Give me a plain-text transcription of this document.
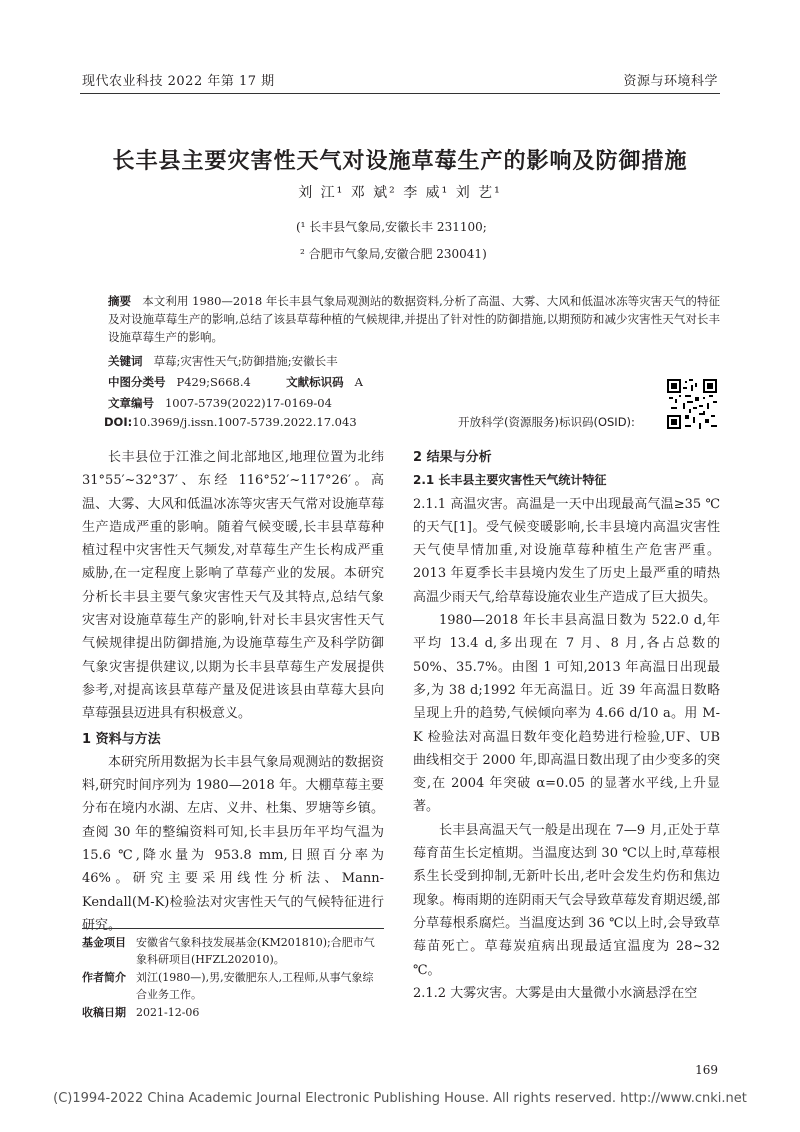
现代农业科技 2022 年第 17 期	资源与环境科学
长丰县主要灾害性天气对设施草莓生产的影响及防御措施
刘 江¹ 邓 斌² 李 威¹ 刘 艺¹
(¹ 长丰县气象局,安徽长丰 231100;
² 合肥市气象局,安徽合肥 230041)
摘要 本文利用 1980—2018 年长丰县气象局观测站的数据资料,分析了高温、大雾、大风和低温冰冻等灾害天气的特征及对设施草莓生产的影响,总结了该县草莓种植的气候规律,并提出了针对性的防御措施,以期预防和减少灾害性天气对长丰设施草莓生产的影响。
关键词 草莓;灾害性天气;防御措施;安徽长丰
中图分类号 P429;S668.4	文献标识码 A
文章编号 1007-5739(2022)17-0169-04
DOI:10.3969/j.issn.1007-5739.2022.17.043	开放科学(资源服务)标识码(OSID):

长丰县位于江淮之间北部地区,地理位置为北纬 31°55′~32°37′、东经 116°52′~117°26′。高温、大雾、大风和低温冰冻等灾害天气常对设施草莓生产造成严重的影响。随着气候变暖,长丰县草莓种植过程中灾害性天气频发,对草莓生产生长构成严重威胁,在一定程度上影响了草莓产业的发展。本研究分析长丰县主要气象灾害性天气及其特点,总结气象灾害对设施草莓生产的影响,针对长丰县灾害性天气气候规律提出防御措施,为设施草莓生产及科学防御气象灾害提供建议,以期为长丰县草莓生产发展提供参考,对提高该县草莓产量及促进该县由草莓大县向草莓强县迈进具有积极意义。

1 资料与方法

本研究所用数据为长丰县气象局观测站的数据资料,研究时间序列为 1980—2018 年。大棚草莓主要分布在境内水湖、左店、义井、杜集、罗塘等乡镇。查阅 30 年的整编资料可知,长丰县历年平均气温为 15.6 ℃,降水量为 953.8 mm,日照百分率为 46%。研究主要采用线性分析法、Mann-Kendall(M-K)检验法对灾害性天气的气候特征进行研究。

基金项目 安徽省气象科技发展基金(KM201810);合肥市气象科研项目(HFZL202010)。
作者简介 刘江(1980—),男,安徽肥东人,工程师,从事气象综合业务工作。
收稿日期 2021-12-06

2 结果与分析

2.1 长丰县主要灾害性天气统计特征

2.1.1 高温灾害。高温是一天中出现最高气温≥35 ℃的天气[1]。受气候变暖影响,长丰县境内高温灾害性天气使旱情加重,对设施草莓种植生产危害严重。2013 年夏季长丰县境内发生了历史上最严重的晴热高温少雨天气,给草莓设施农业生产造成了巨大损失。

1980—2018 年长丰县高温日数为 522.0 d,年平均 13.4 d,多出现在 7 月、8 月,各占总数的 50%、35.7%。由图 1 可知,2013 年高温日出现最多,为 38 d;1992 年无高温日。近 39 年高温日数略呈现上升的趋势,气候倾向率为 4.66 d/10 a。用 M-K 检验法对高温日数年变化趋势进行检验,UF、UB 曲线相交于 2000 年,即高温日数出现了由少变多的突变,在 2004 年突破 α=0.05 的显著水平线,上升显著。

长丰县高温天气一般是出现在 7—9 月,正处于草莓育苗生长定植期。当温度达到 30 ℃以上时,草莓根系生长受到抑制,无新叶长出,老叶会发生灼伤和焦边现象。梅雨期的连阴雨天气会导致草莓发育期迟缓,部分草莓根系腐烂。当温度达到 36 ℃以上时,会导致草莓苗死亡。草莓炭疽病出现最适宜温度为 28~32 ℃。

2.1.2 大雾灾害。大雾是由大量微小水滴悬浮在空

169
(C)1994-2022 China Academic Journal Electronic Publishing House. All rights reserved. http://www.cnki.net
